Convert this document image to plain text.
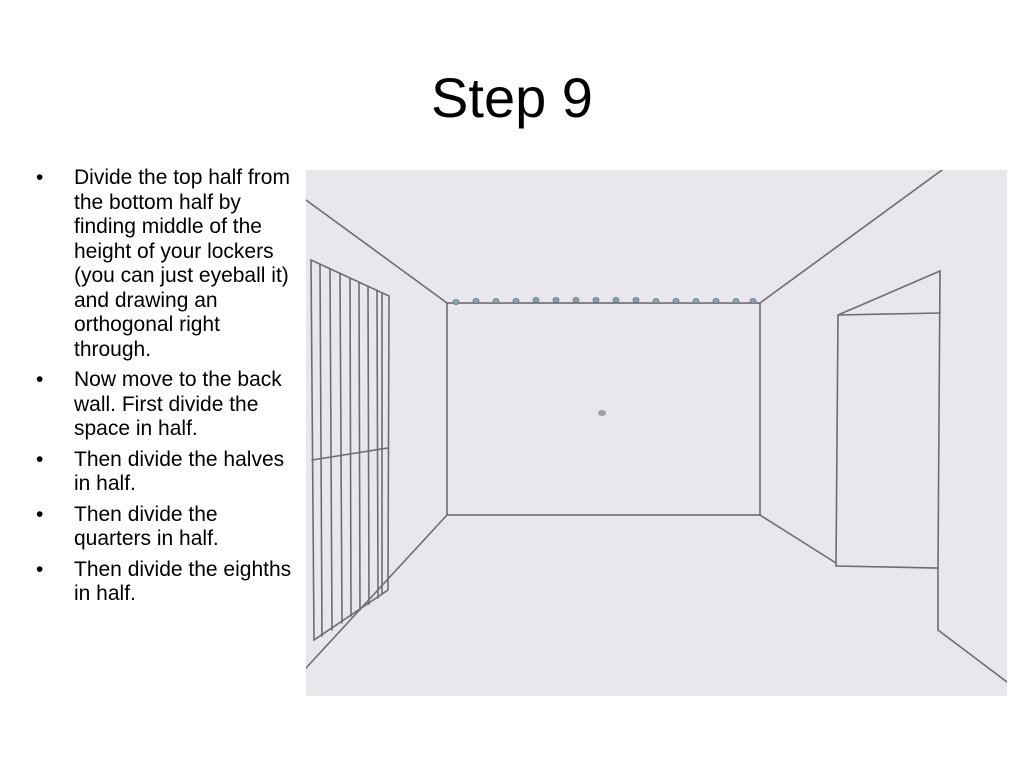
Step 9
•	Divide the top half from the bottom half by finding middle of the height of your lockers (you can just eyeball it) and drawing an orthogonal right through.
•	Now move to the back wall. First divide the space in half.
•	Then divide the halves in half.
•	Then divide the quarters in half.
•	Then divide the eighths in half.
